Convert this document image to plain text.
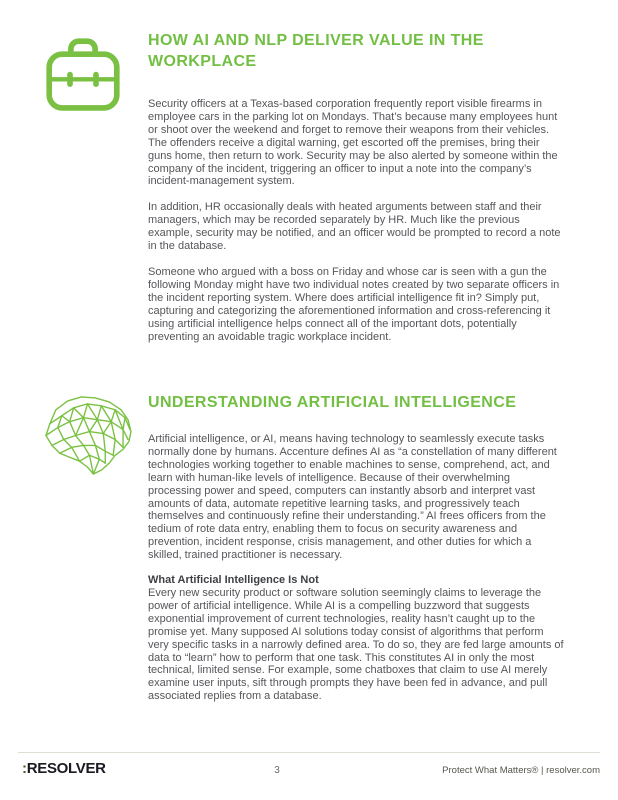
HOW AI AND NLP DELIVER VALUE IN THE WORKPLACE

Security officers at a Texas-based corporation frequently report visible firearms in employee cars in the parking lot on Mondays. That’s because many employees hunt or shoot over the weekend and forget to remove their weapons from their vehicles. The offenders receive a digital warning, get escorted off the premises, bring their guns home, then return to work. Security may be also alerted by someone within the company of the incident, triggering an officer to input a note into the company’s incident-management system.

In addition, HR occasionally deals with heated arguments between staff and their managers, which may be recorded separately by HR. Much like the previous example, security may be notified, and an officer would be prompted to record a note in the database.

Someone who argued with a boss on Friday and whose car is seen with a gun the following Monday might have two individual notes created by two separate officers in the incident reporting system. Where does artificial intelligence fit in? Simply put, capturing and categorizing the aforementioned information and cross-referencing it using artificial intelligence helps connect all of the important dots, potentially preventing an avoidable tragic workplace incident.

UNDERSTANDING ARTIFICIAL INTELLIGENCE

Artificial intelligence, or AI, means having technology to seamlessly execute tasks normally done by humans. Accenture defines AI as “a constellation of many different technologies working together to enable machines to sense, comprehend, act, and learn with human-like levels of intelligence. Because of their overwhelming processing power and speed, computers can instantly absorb and interpret vast amounts of data, automate repetitive learning tasks, and progressively teach themselves and continuously refine their understanding.” AI frees officers from the tedium of rote data entry, enabling them to focus on security awareness and prevention, incident response, crisis management, and other duties for which a skilled, trained practitioner is necessary.

What Artificial Intelligence Is Not

Every new security product or software solution seemingly claims to leverage the power of artificial intelligence. While AI is a compelling buzzword that suggests exponential improvement of current technologies, reality hasn’t caught up to the promise yet. Many supposed AI solutions today consist of algorithms that perform very specific tasks in a narrowly defined area. To do so, they are fed large amounts of data to “learn” how to perform that one task. This constitutes AI in only the most technical, limited sense. For example, some chatboxes that claim to use AI merely examine user inputs, sift through prompts they have been fed in advance, and pull associated replies from a database.

:RESOLVER	3	Protect What Matters® | resolver.com
